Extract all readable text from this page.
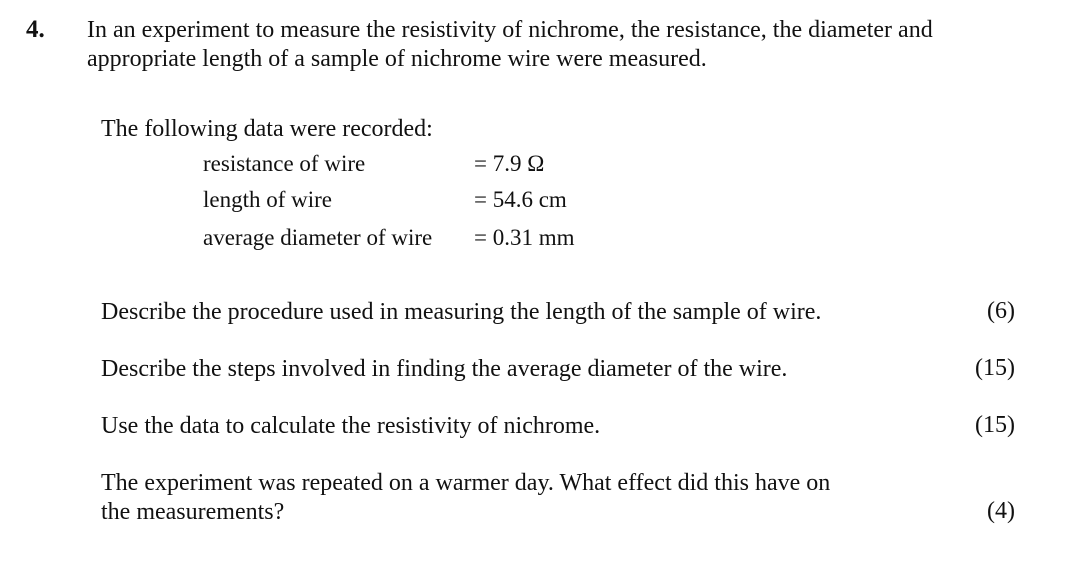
4. In an experiment to measure the resistivity of nichrome, the resistance, the diameter and
appropriate length of a sample of nichrome wire were measured.
The following data were recorded:
resistance of wire	= 7.9 Ω
length of wire	= 54.6 cm
average diameter of wire = 0.31 mm
Describe the procedure used in measuring the length of the sample of wire.	(6)
Describe the steps involved in finding the average diameter of the wire.	(15)
Use the data to calculate the resistivity of nichrome.	(15)
The experiment was repeated on a warmer day. What effect did this have on
the measurements?	(4)
